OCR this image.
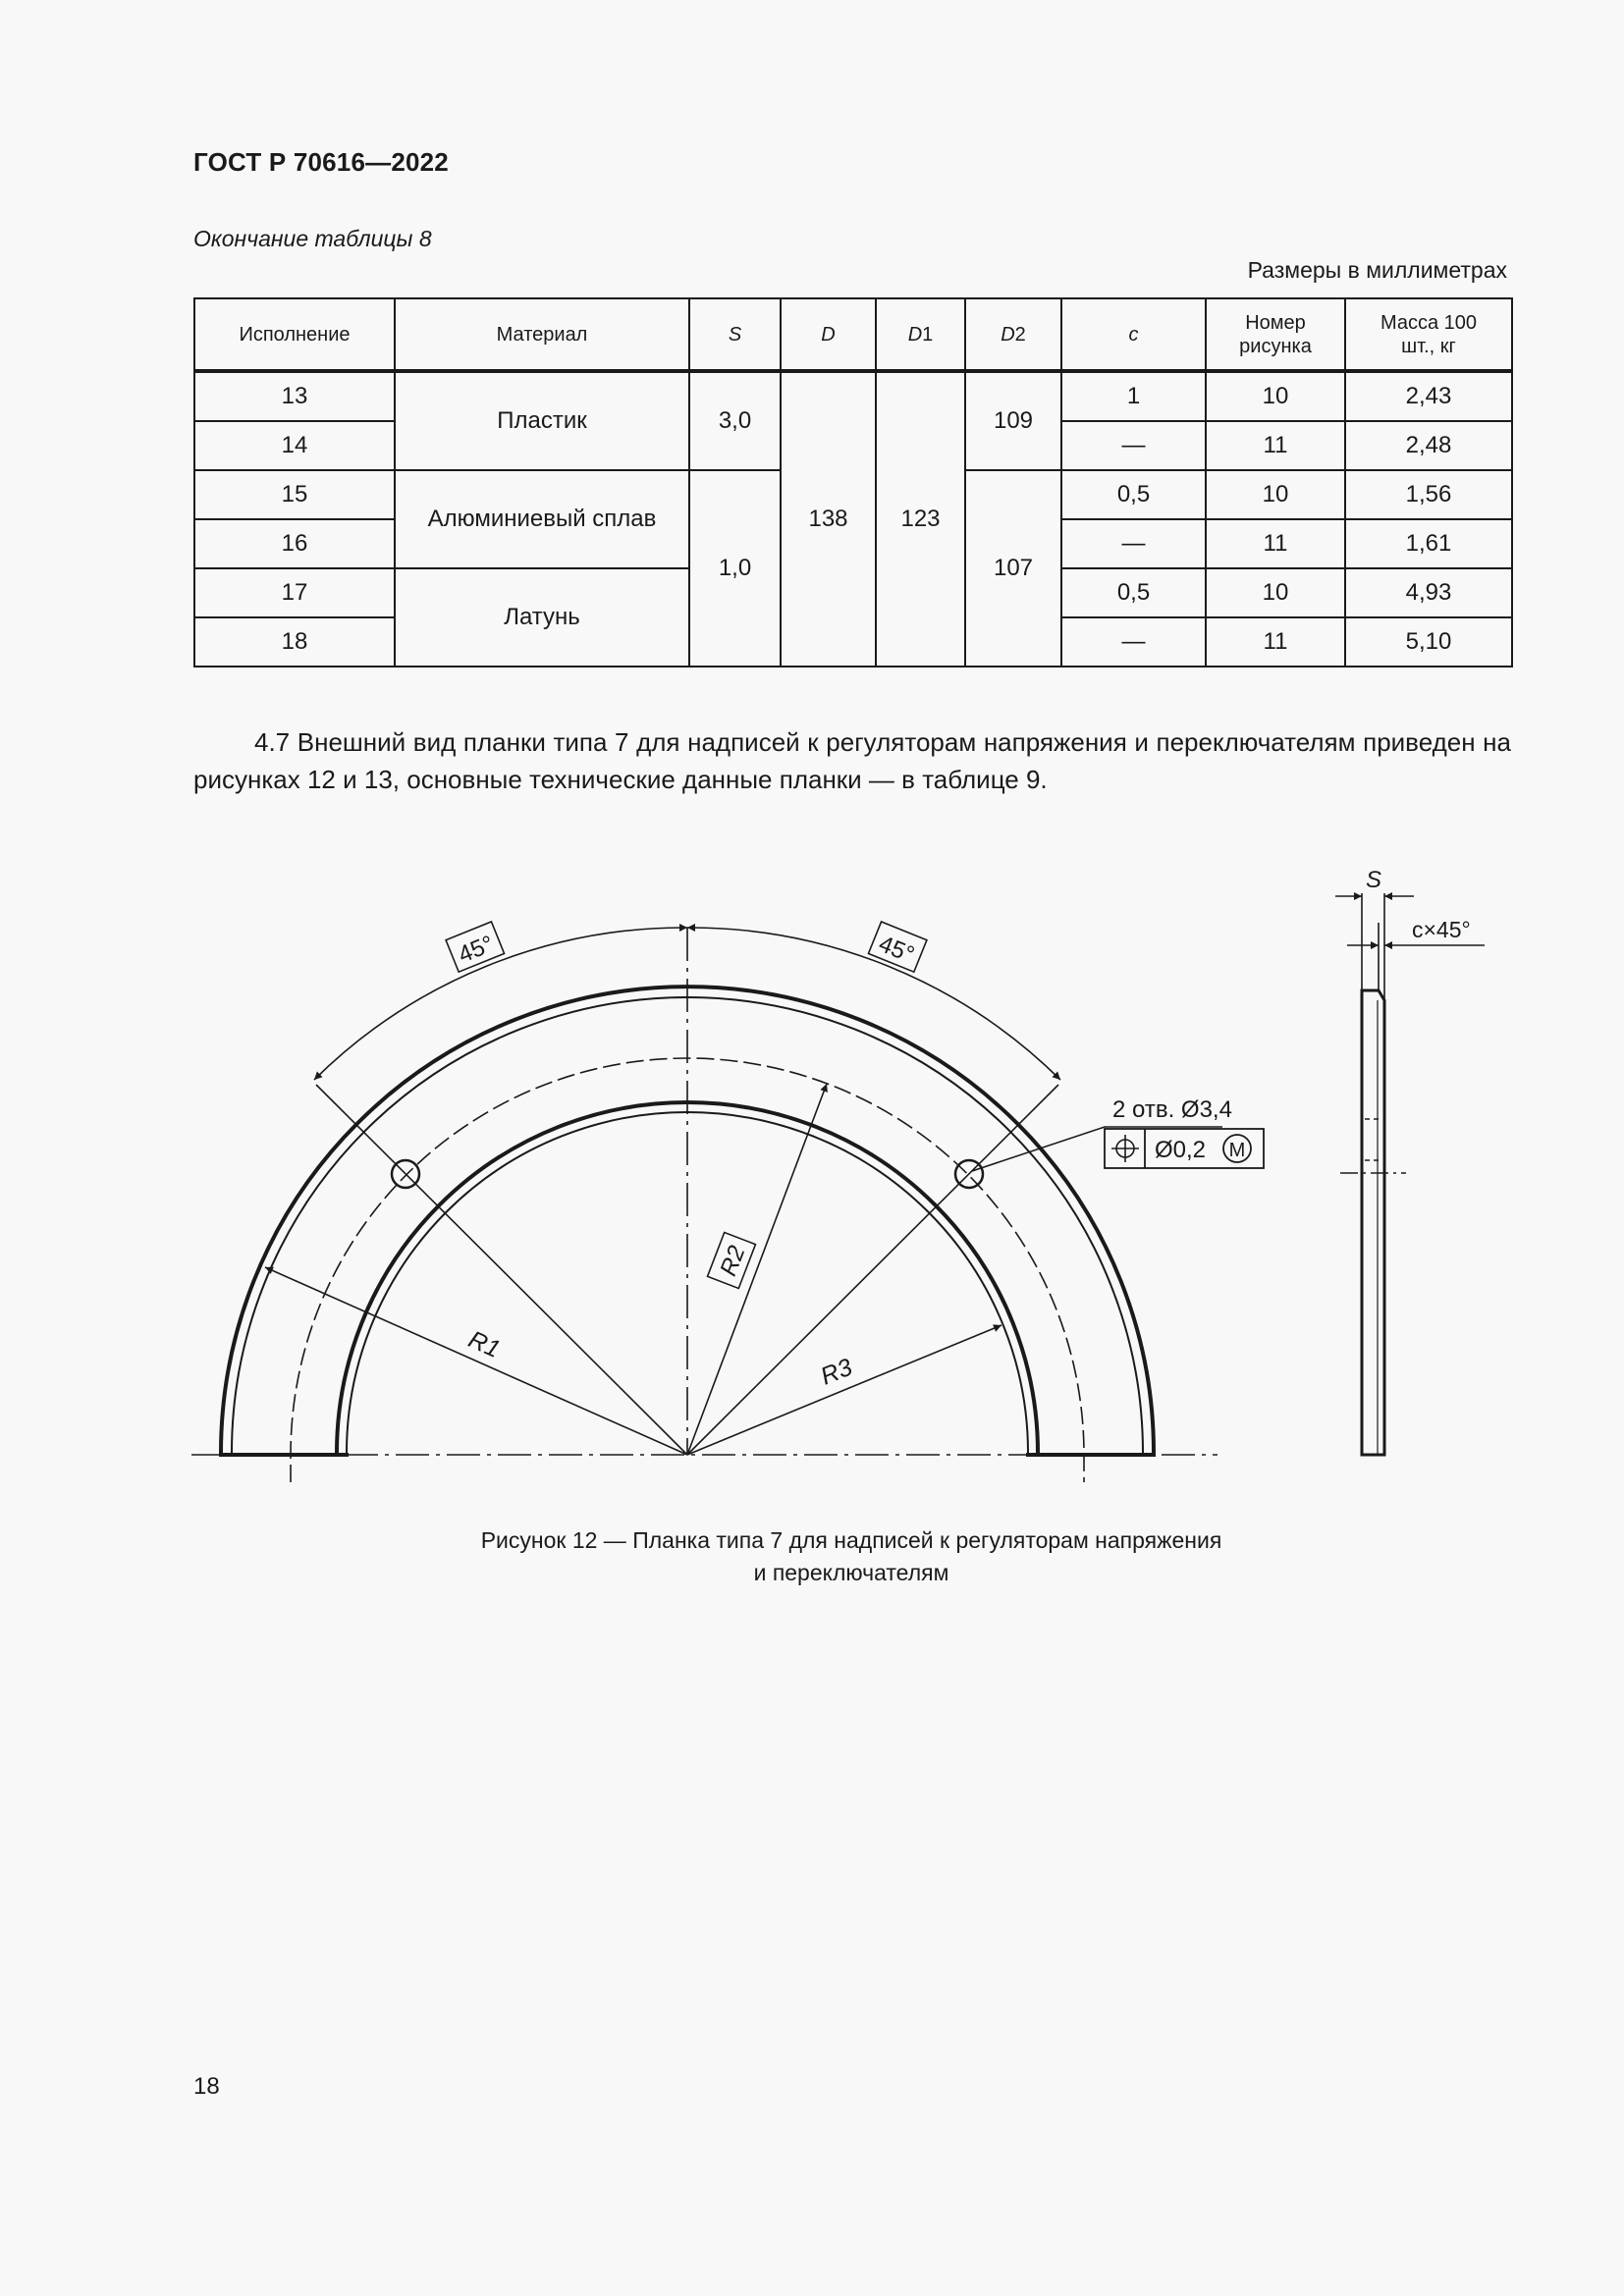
ГОСТ Р 70616—2022
Окончание таблицы 8
Размеры в миллиметрах
Исполнение	Материал	S	D	D1	D2	c	Номер рисунка	Масса 100 шт., кг
13	Пластик	3,0	138	123	109	1	10	2,43
14						—	11	2,48
15	Алюминиевый сплав	1,0			107	0,5	10	1,56
16						—	11	1,61
17	Латунь					0,5	10	4,93
18						—	11	5,10
4.7 Внешний вид планки типа 7 для надписей к регуляторам напряжения и переключателям приведен на рисунках 12 и 13, основные технические данные планки — в таблице 9.
45°	45°
R2
R1
R3
2 отв. Ø3,4
Ø0,2 M
S
c×45°
Рисунок 12 — Планка типа 7 для надписей к регуляторам напряжения
и переключателям
18
